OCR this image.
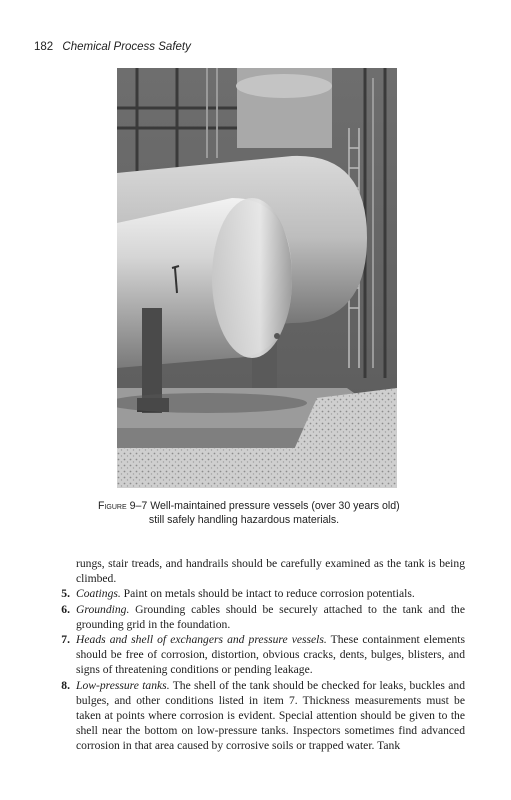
182 Chemical Process Safety
Figure 9–7 Well-maintained pressure vessels (over 30 years old)
still safely handling hazardous materials.
rungs, stair treads, and handrails should be carefully examined as the tank is being climbed.
5. Coatings. Paint on metals should be intact to reduce corrosion potentials.
6. Grounding. Grounding cables should be securely attached to the tank and the grounding grid in the foundation.
7. Heads and shell of exchangers and pressure vessels. These containment elements should be free of corrosion, distortion, obvious cracks, dents, bulges, blisters, and signs of threatening conditions or pending leakage.
8. Low-pressure tanks. The shell of the tank should be checked for leaks, buckles and bulges, and other conditions listed in item 7. Thickness measurements must be taken at points where corrosion is evident. Special attention should be given to the shell near the bottom on low-pressure tanks. Inspectors sometimes find advanced corrosion in that area caused by corrosive soils or trapped water. Tank
